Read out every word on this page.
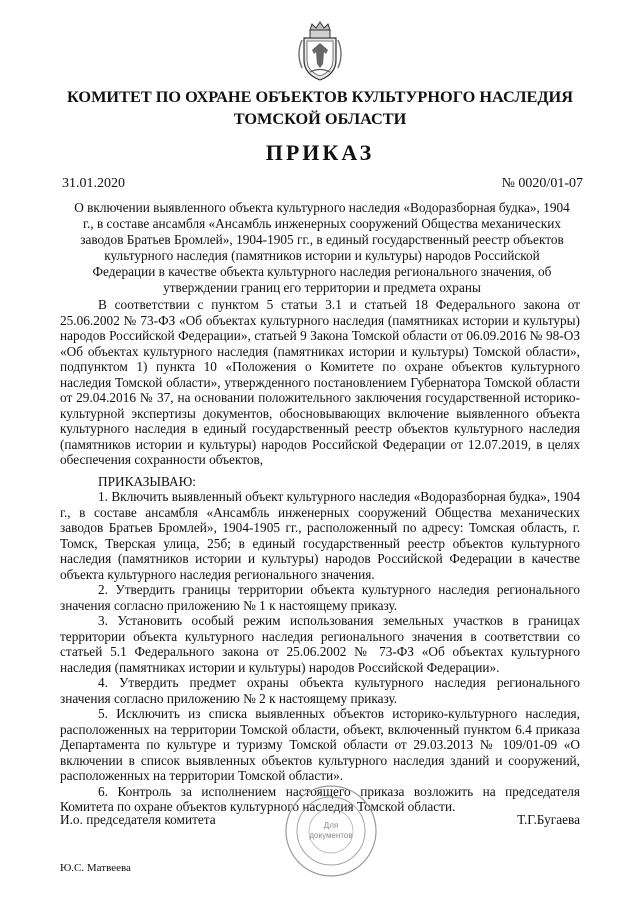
КОМИТЕТ ПО ОХРАНЕ ОБЪЕКТОВ КУЛЬТУРНОГО НАСЛЕДИЯ
ТОМСКОЙ ОБЛАСТИ
ПРИКАЗ
31.01.2020	№ 0020/01-07
О включении выявленного объекта культурного наследия «Водоразборная будка», 1904 г., в составе ансамбля «Ансамбль инженерных сооружений Общества механических заводов Братьев Бромлей», 1904-1905 гг., в единый государственный реестр объектов культурного наследия (памятников истории и культуры) народов Российской Федерации в качестве объекта культурного наследия регионального значения, об утверждении границ его территории и предмета охраны

В соответствии с пунктом 5 статьи 3.1 и статьей 18 Федерального закона от 25.06.2002 № 73-ФЗ «Об объектах культурного наследия (памятниках истории и культуры) народов Российской Федерации», статьей 9 Закона Томской области от 06.09.2016 № 98-ОЗ «Об объектах культурного наследия (памятниках истории и культуры) Томской области», подпунктом 1) пункта 10 «Положения о Комитете по охране объектов культурного наследия Томской области», утвержденного постановлением Губернатора Томской области от 29.04.2016 № 37, на основании положительного заключения государственной историко-культурной экспертизы документов, обосновывающих включение выявленного объекта культурного наследия в единый государственный реестр объектов культурного наследия (памятников истории и культуры) народов Российской Федерации от 12.07.2019, в целях обеспечения сохранности объектов,

ПРИКАЗЫВАЮ:

1. Включить выявленный объект культурного наследия «Водоразборная будка», 1904 г., в составе ансамбля «Ансамбль инженерных сооружений Общества механических заводов Братьев Бромлей», 1904-1905 гг., расположенный по адресу: Томская область, г. Томск, Тверская улица, 25б; в единый государственный реестр объектов культурного наследия (памятников истории и культуры) народов Российской Федерации в качестве объекта культурного наследия регионального значения.

2. Утвердить границы территории объекта культурного наследия регионального значения согласно приложению № 1 к настоящему приказу.

3. Установить особый режим использования земельных участков в границах территории объекта культурного наследия регионального значения в соответствии со статьей 5.1 Федерального закона от 25.06.2002 № 73-ФЗ «Об объектах культурного наследия (памятниках истории и культуры) народов Российской Федерации».

4. Утвердить предмет охраны объекта культурного наследия регионального значения согласно приложению № 2 к настоящему приказу.

5. Исключить из списка выявленных объектов историко-культурного наследия, расположенных на территории Томской области, объект, включенный пунктом 6.4 приказа Департамента по культуре и туризму Томской области от 29.03.2013 № 109/01-09 «О включении в список выявленных объектов культурного наследия зданий и сооружений, расположенных на территории Томской области».

6. Контроль за исполнением настоящего приказа возложить на председателя Комитета по охране объектов культурного наследия Томской области.

И.о. председателя комитета	Для
документов
Т.Г.Бугаева
Ю.С. Матвеева
